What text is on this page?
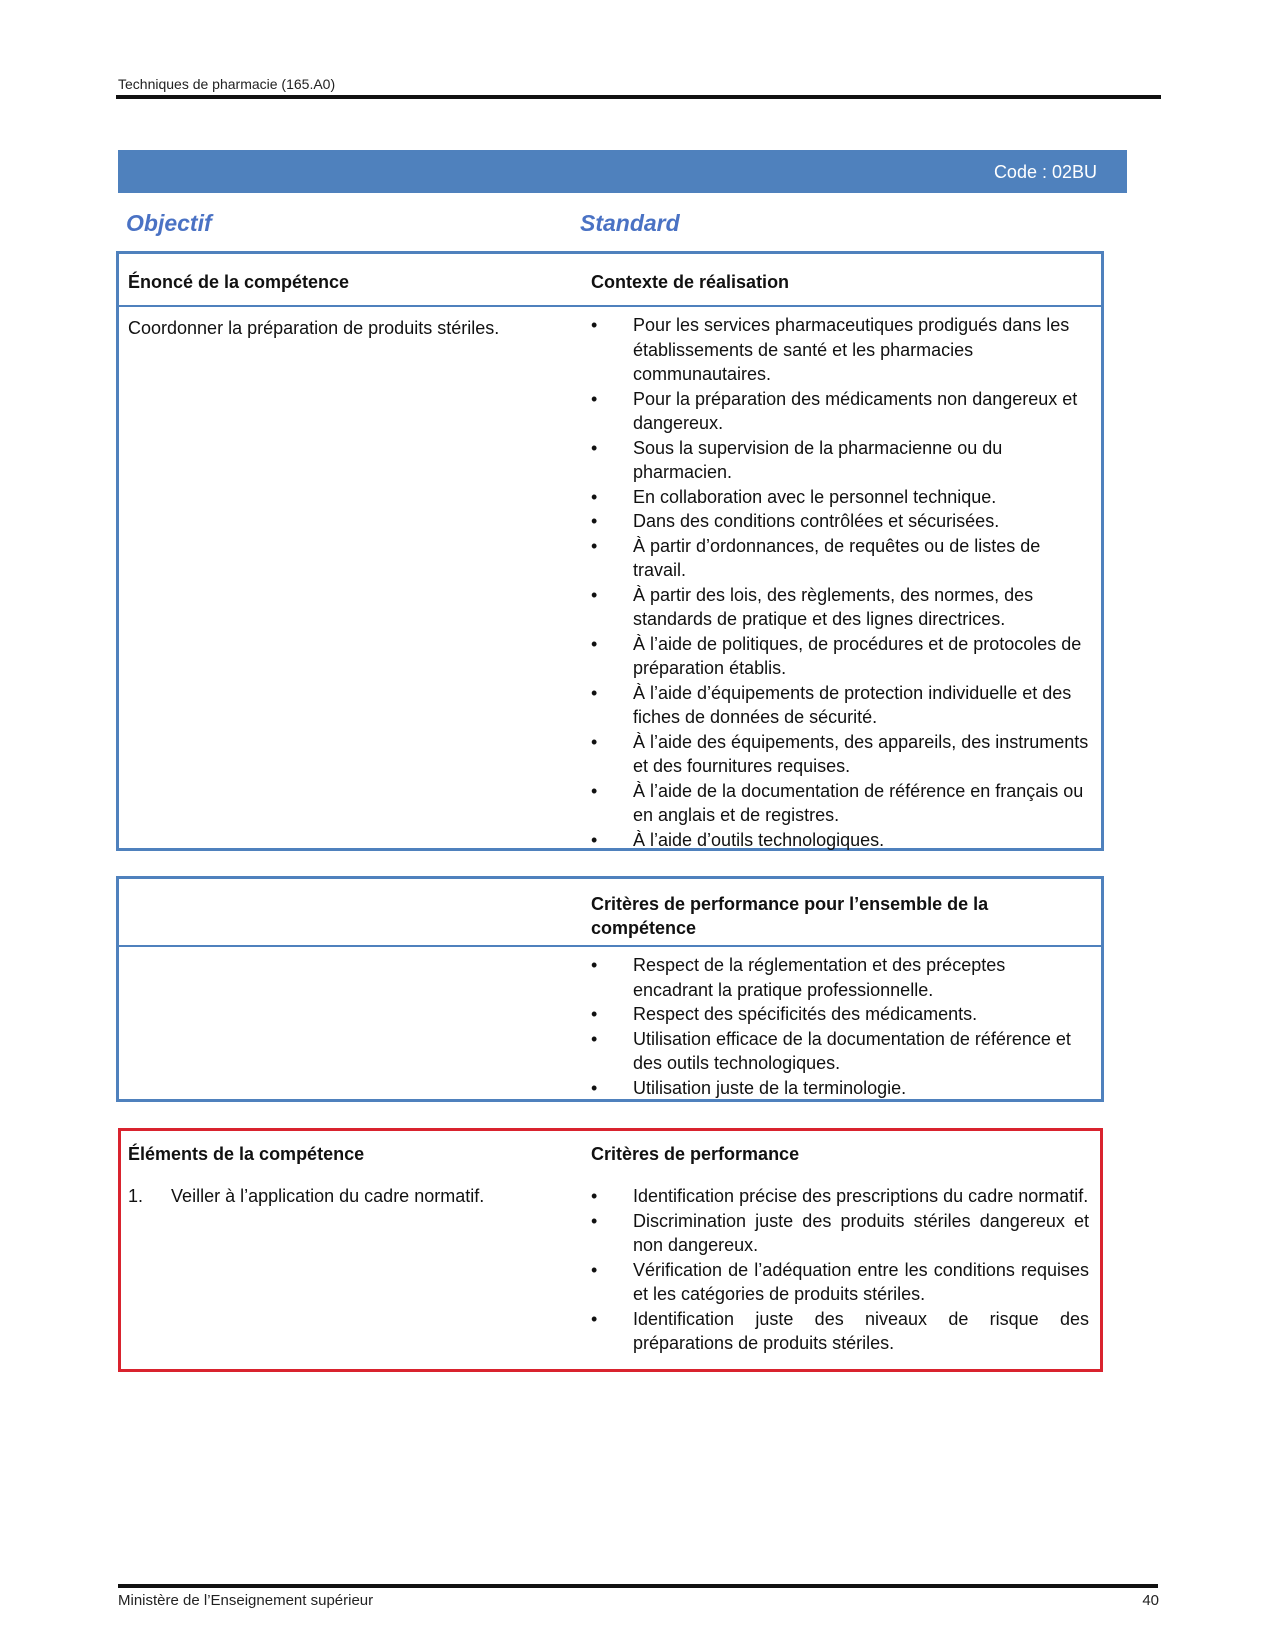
Techniques de pharmacie (165.A0)
Code : 02BU
Objectif	Standard
Énoncé de la compétence	Contexte de réalisation
Coordonner la préparation de produits stériles.	• Pour les services pharmaceutiques prodigués dans les établissements de santé et les pharmacies communautaires.
• Pour la préparation des médicaments non dangereux et dangereux.
• Sous la supervision de la pharmacienne ou du pharmacien.
• En collaboration avec le personnel technique.
• Dans des conditions contrôlées et sécurisées.
• À partir d’ordonnances, de requêtes ou de listes de travail.
• À partir des lois, des règlements, des normes, des standards de pratique et des lignes directrices.
• À l’aide de politiques, de procédures et de protocoles de préparation établis.
• À l’aide d’équipements de protection individuelle et des fiches de données de sécurité.
• À l’aide des équipements, des appareils, des instruments et des fournitures requises.
• À l’aide de la documentation de référence en français ou en anglais et de registres.
• À l’aide d’outils technologiques.
Critères de performance pour l’ensemble de la compétence
• Respect de la réglementation et des préceptes encadrant la pratique professionnelle.
• Respect des spécificités des médicaments.
• Utilisation efficace de la documentation de référence et des outils technologiques.
• Utilisation juste de la terminologie.
Éléments de la compétence	Critères de performance
1. Veiller à l’application du cadre normatif.	• Identification précise des prescriptions du cadre normatif.
• Discrimination juste des produits stériles dangereux et non dangereux.
• Vérification de l’adéquation entre les conditions requises et les catégories de produits stériles.
• Identification juste des niveaux de risque des préparations de produits stériles.
Ministère de l’Enseignement supérieur	40
